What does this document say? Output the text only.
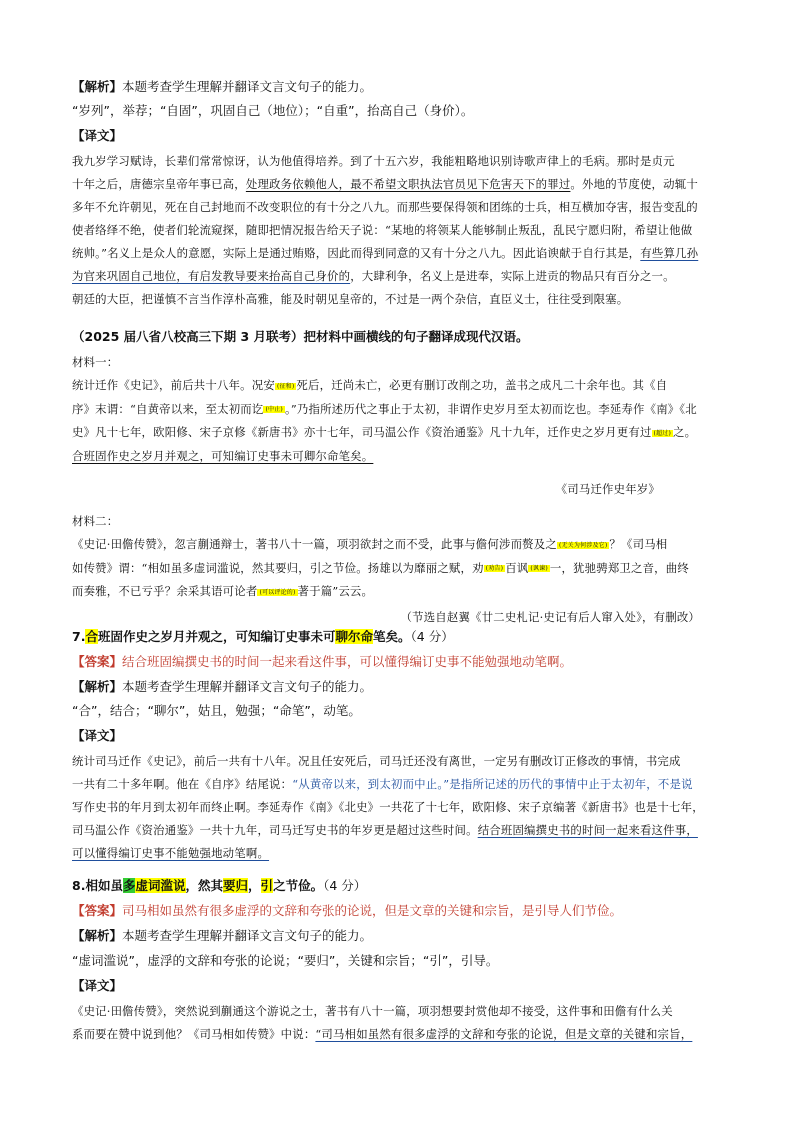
【解析】本题考查学生理解并翻译文言文句子的能力。
“岁列”，举荐；“自固”，巩固自己（地位）；“自重”，抬高自己（身价）。
【译文】
我九岁学习赋诗，长辈们常常惊讶，认为他值得培养。到了十五六岁，我能粗略地识别诗歌声律上的毛病。那时是贞元
十年之后，唐德宗皇帝年事已高，处理政务依赖他人，最不希望文职执法官员见下危害天下的罪过。外地的节度使，动辄十
多年不允许朝见，死在自己封地而不改变职位的有十分之八九。而那些要保得领和团练的士兵，相互横加夺害，报告变乱的
使者络绎不绝，使者们轮流窥探，随即把情况报告给天子说：“某地的将领某人能够制止叛乱，乱民宁愿归附，希望让他做
统帅。”名义上是众人的意愿，实际上是通过贿赂，因此而得到同意的又有十分之八九。因此谄谀献于自行其是，有些算几孙
为官来巩固自己地位，有启发教导要来抬高自己身价的，大肆利争，名义上是进奉，实际上进贡的物品只有百分之一。
朝廷的大臣，把谨慎不言当作淳朴高雅，能及时朝见皇帝的，不过是一两个杂信，直臣义士，往往受到限塞。
（2025 届八省八校高三下期 3 月联考）把材料中画横线的句子翻译成现代汉语。
材料一：
统计迁作《史记》，前后共十八年。况安 (征和) 死后，迁尚未亡，必更有删订改削之功，盖书之成凡二十余年也。其《自
序》末谓：“自黄帝以来，至太初而讫 (中止) 。”乃指所述历代之事止于太初，非谓作史岁月至太初而讫也。李延寿作《南》《北
史》凡十七年，欧阳修、宋子京修《新唐书》亦十七年，司马温公作《资治通鉴》凡十九年，迁作史之岁月更有过 (超过) 之。
合班固作史之岁月并观之，可知编订史事未可卿尔命笔矣。
《司马迁作史年岁》
材料二：
《史记·田儋传赞》，忽言蒯通辩士，著书八十一篇，项羽欲封之而不受，此事与儋何涉而赘及之 (无关为何涉及它) ？《司马相
如传赞》谓：“相如虽多虚词滥说，然其要归，引之节俭。扬雄以为靡丽之赋，劝 (劝告) 百讽 (讽谏) 一，犹驰骋郑卫之音，曲终
而奏雅，不已亏乎？余采其语可论者 (可以评论的) 著于篇”云云。
（节选自赵翼《廿二史札记·史记有后人窜入处》，有删改）
7.合班固作史之岁月并观之，可知编订史事未可聊尔命笔矣。（4 分）
【答案】结合班固编撰史书的时间一起来看这件事，可以懂得编订史事不能勉强地动笔啊。
【解析】本题考查学生理解并翻译文言文句子的能力。
“合”，结合；“聊尔”，姑且，勉强；“命笔”，动笔。
【译文】
统计司马迁作《史记》，前后一共有十八年。况且任安死后，司马迁还没有离世，一定另有删改订正修改的事情，书完成
一共有二十多年啊。他在《自序》结尾说：“从黄帝以来，到太初而中止。”是指所记述的历代的事情中止于太初年，不是说
写作史书的年月到太初年而终止啊。李延寿作《南》《北史》一共花了十七年，欧阳修、宋子京编著《新唐书》也是十七年，
司马温公作《资治通鉴》一共十九年，司马迁写史书的年岁更是超过这些时间。结合班固编撰史书的时间一起来看这件事，
可以懂得编订史事不能勉强地动笔啊。
8.相如虽多虚词滥说，然其要归，引之节俭。（4 分）
【答案】司马相如虽然有很多虚浮的文辞和夸张的论说，但是文章的关键和宗旨，是引导人们节俭。
【解析】本题考查学生理解并翻译文言文句子的能力。
“虚词滥说”，虚浮的文辞和夸张的论说；“要归”，关键和宗旨；“引”，引导。
【译文】
《史记·田儋传赞》，突然说到蒯通这个游说之士，著书有八十一篇，项羽想要封赏他却不接受，这件事和田儋有什么关
系而要在赞中说到他？《司马相如传赞》中说：“司马相如虽然有很多虚浮的文辞和夸张的论说，但是文章的关键和宗旨，
